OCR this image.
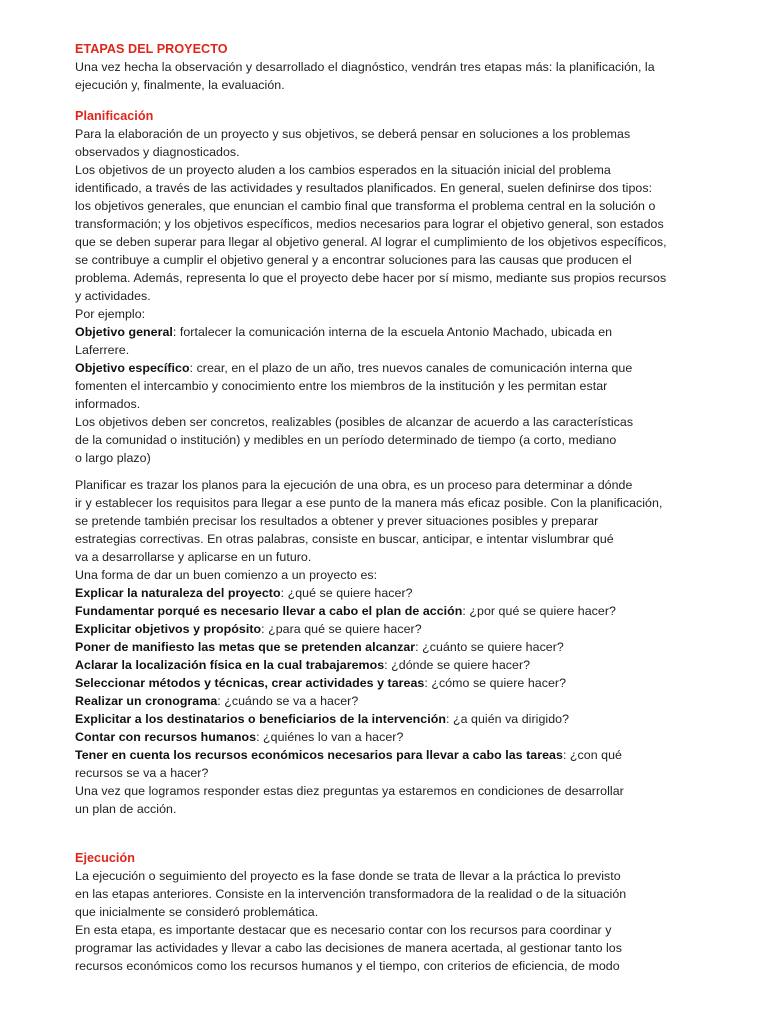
ETAPAS DEL PROYECTO
Una vez hecha la observación y desarrollado el diagnóstico, vendrán tres etapas más: la planificación, la
ejecución y, finalmente, la evaluación.
Planificación
Para la elaboración de un proyecto y sus objetivos, se deberá pensar en soluciones a los problemas
observados y diagnosticados.
Los objetivos de un proyecto aluden a los cambios esperados en la situación inicial del problema
identificado, a través de las actividades y resultados planificados. En general, suelen definirse dos tipos:
los objetivos generales, que enuncian el cambio final que transforma el problema central en la solución o
transformación; y los objetivos específicos, medios necesarios para lograr el objetivo general, son estados
que se deben superar para llegar al objetivo general. Al lograr el cumplimiento de los objetivos específicos,
se contribuye a cumplir el objetivo general y a encontrar soluciones para las causas que producen el
problema. Además, representa lo que el proyecto debe hacer por sí mismo, mediante sus propios recursos
y actividades.
Por ejemplo:
Objetivo general: fortalecer la comunicación interna de la escuela Antonio Machado, ubicada en
Laferrere.
Objetivo específico: crear, en el plazo de un año, tres nuevos canales de comunicación interna que
fomenten el intercambio y conocimiento entre los miembros de la institución y les permitan estar
informados.
Los objetivos deben ser concretos, realizables (posibles de alcanzar de acuerdo a las características
de la comunidad o institución) y medibles en un período determinado de tiempo (a corto, mediano
o largo plazo)
Planificar es trazar los planos para la ejecución de una obra, es un proceso para determinar a dónde
ir y establecer los requisitos para llegar a ese punto de la manera más eficaz posible. Con la planificación,
se pretende también precisar los resultados a obtener y prever situaciones posibles y preparar
estrategias correctivas. En otras palabras, consiste en buscar, anticipar, e intentar vislumbrar qué
va a desarrollarse y aplicarse en un futuro.
Una forma de dar un buen comienzo a un proyecto es:
Explicar la naturaleza del proyecto: ¿qué se quiere hacer?
Fundamentar porqué es necesario llevar a cabo el plan de acción: ¿por qué se quiere hacer?
Explicitar objetivos y propósito: ¿para qué se quiere hacer?
Poner de manifiesto las metas que se pretenden alcanzar: ¿cuánto se quiere hacer?
Aclarar la localización física en la cual trabajaremos: ¿dónde se quiere hacer?
Seleccionar métodos y técnicas, crear actividades y tareas: ¿cómo se quiere hacer?
Realizar un cronograma: ¿cuándo se va a hacer?
Explicitar a los destinatarios o beneficiarios de la intervención: ¿a quién va dirigido?
Contar con recursos humanos: ¿quiénes lo van a hacer?
Tener en cuenta los recursos económicos necesarios para llevar a cabo las tareas: ¿con qué
recursos se va a hacer?
Una vez que logramos responder estas diez preguntas ya estaremos en condiciones de desarrollar
un plan de acción.
Ejecución
La ejecución o seguimiento del proyecto es la fase donde se trata de llevar a la práctica lo previsto
en las etapas anteriores. Consiste en la intervención transformadora de la realidad o de la situación
que inicialmente se consideró problemática.
En esta etapa, es importante destacar que es necesario contar con los recursos para coordinar y
programar las actividades y llevar a cabo las decisiones de manera acertada, al gestionar tanto los
recursos económicos como los recursos humanos y el tiempo, con criterios de eficiencia, de modo
